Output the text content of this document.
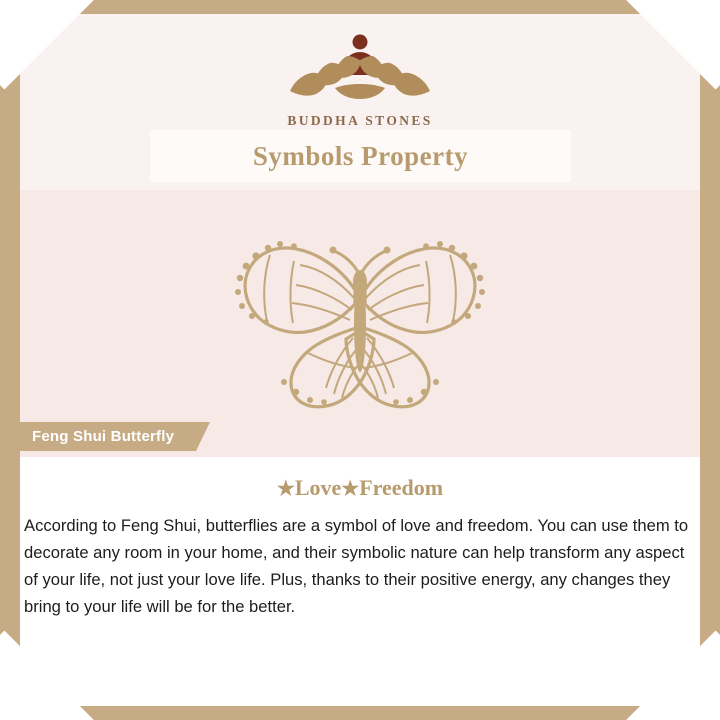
BUDDHA STONES
Symbols Property
Feng Shui Butterfly
★Love★Freedom

According to Feng Shui, butterflies are a symbol of love and freedom. You can use them to decorate any room in your home, and their symbolic nature can help transform any aspect of your life, not just your love life. Plus, thanks to their positive energy, any changes they bring to your life will be for the better.
